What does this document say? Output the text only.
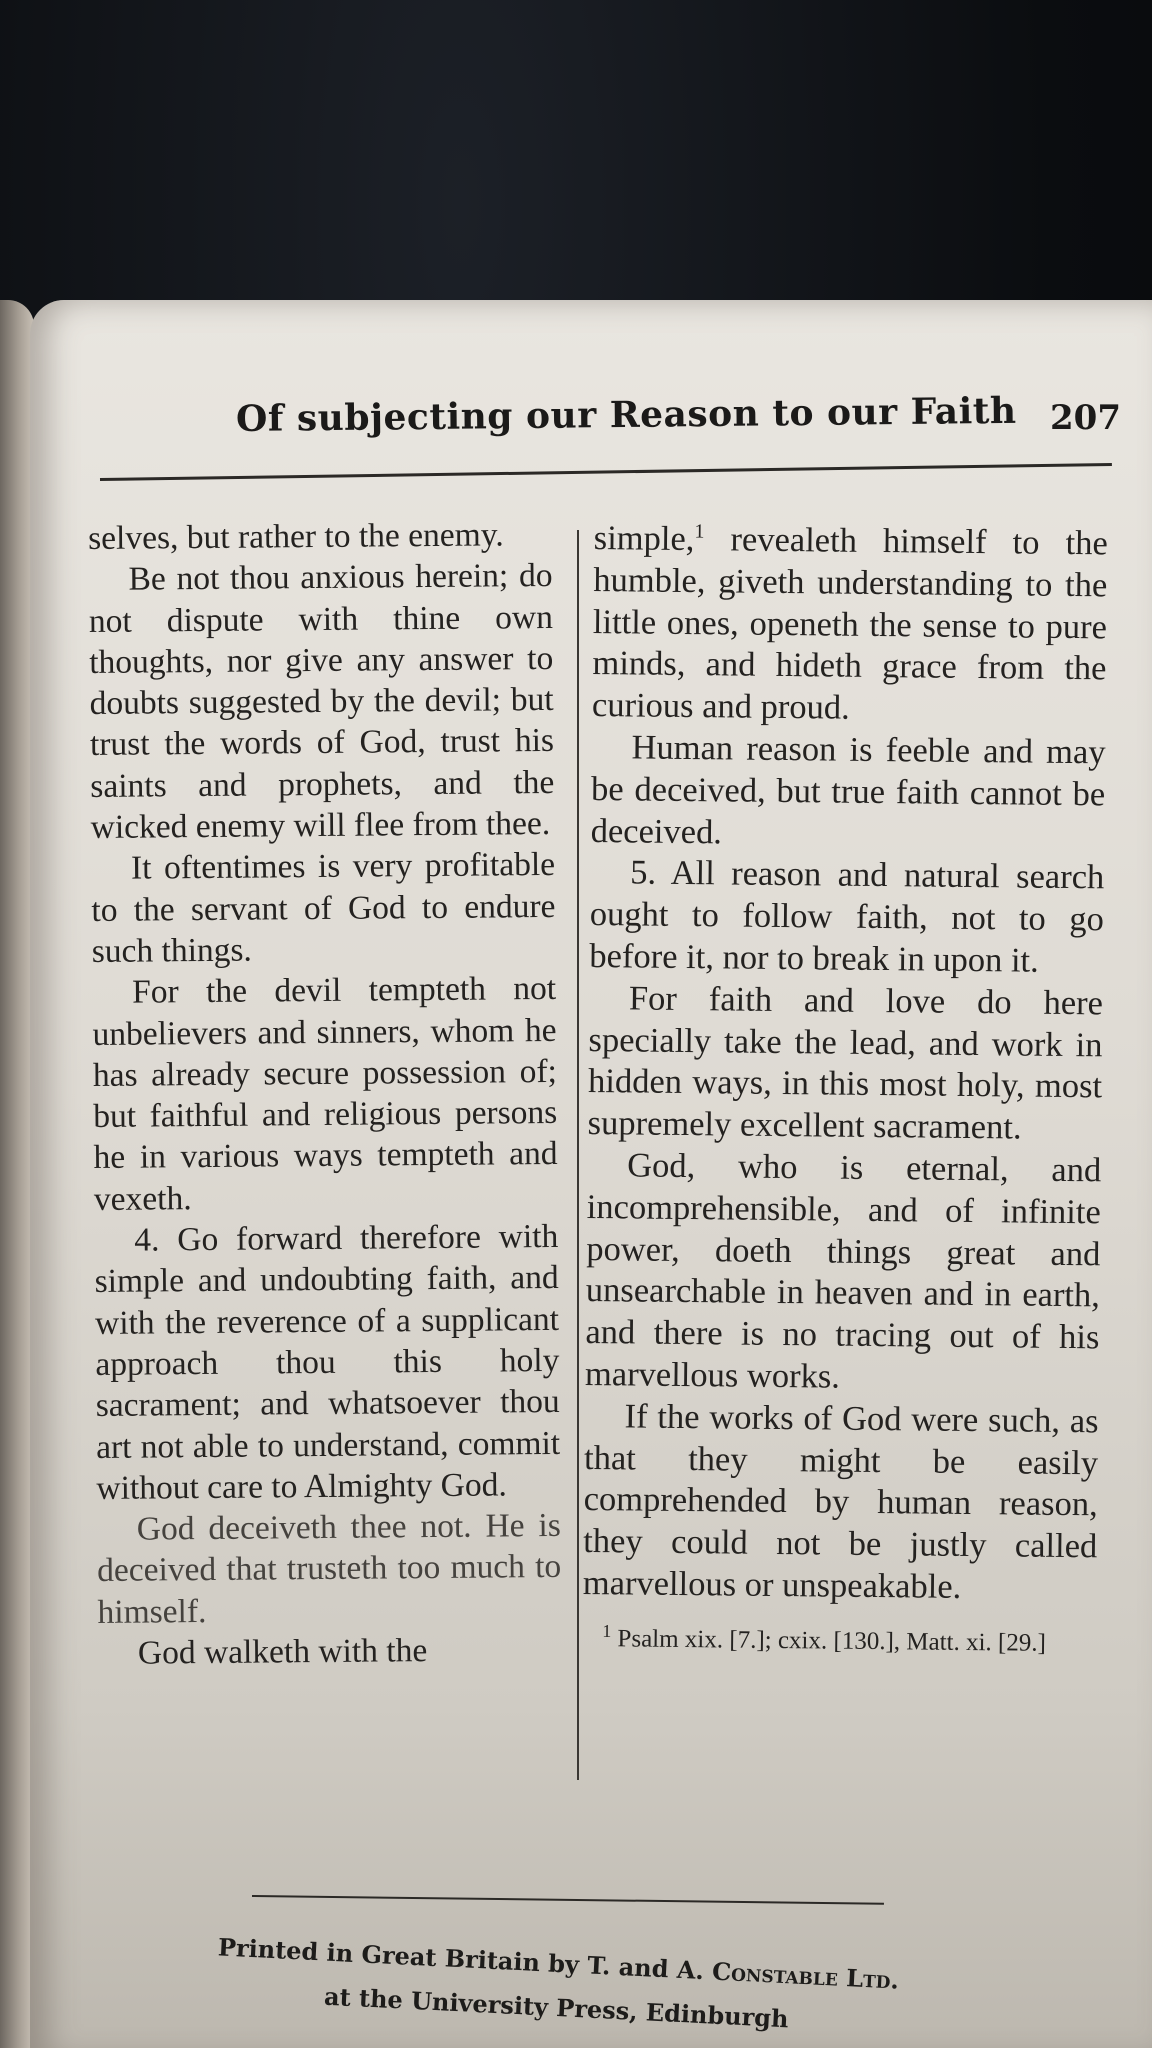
Of subjecting our Reason to our Faith 207

selves, but rather to the enemy.

Be not thou anxious herein; do not dispute with thine own thoughts, nor give any answer to doubts suggested by the devil; but trust the words of God, trust his saints and prophets, and the wicked enemy will flee from thee.

It oftentimes is very profitable to the servant of God to endure such things.

For the devil tempteth not unbelievers and sinners, whom he has already secure possession of; but faithful and religious persons he in various ways tempteth and vexeth.

4. Go forward therefore with simple and undoubting faith, and with the reverence of a supplicant approach thou this holy sacrament; and whatsoever thou art not able to understand, commit without care to Almighty God.

God deceiveth thee not. He is deceived that trusteth too much to himself.

God walketh with the

simple,$^1$ revealeth himself to the humble, giveth understanding to the little ones, openeth the sense to pure minds, and hideth grace from the curious and proud.

Human reason is feeble and may be deceived, but true faith cannot be deceived.

5. All reason and natural search ought to follow faith, not to go before it, nor to break in upon it.

For faith and love do here specially take the lead, and work in hidden ways, in this most holy, most supremely excellent sacrament.

God, who is eternal, and incomprehensible, and of infinite power, doeth things great and unsearchable in heaven and in earth, and there is no tracing out of his marvellous works.

If the works of God were such, as that they might be easily comprehended by human reason, they could not be justly called marvellous or unspeakable.

$^1$ Psalm xix. [7.]; cxix. [130.], Matt. xi. [29.]
Printed in Great Britain by T. and A. Constable Ltd.
at the University Press, Edinburgh
